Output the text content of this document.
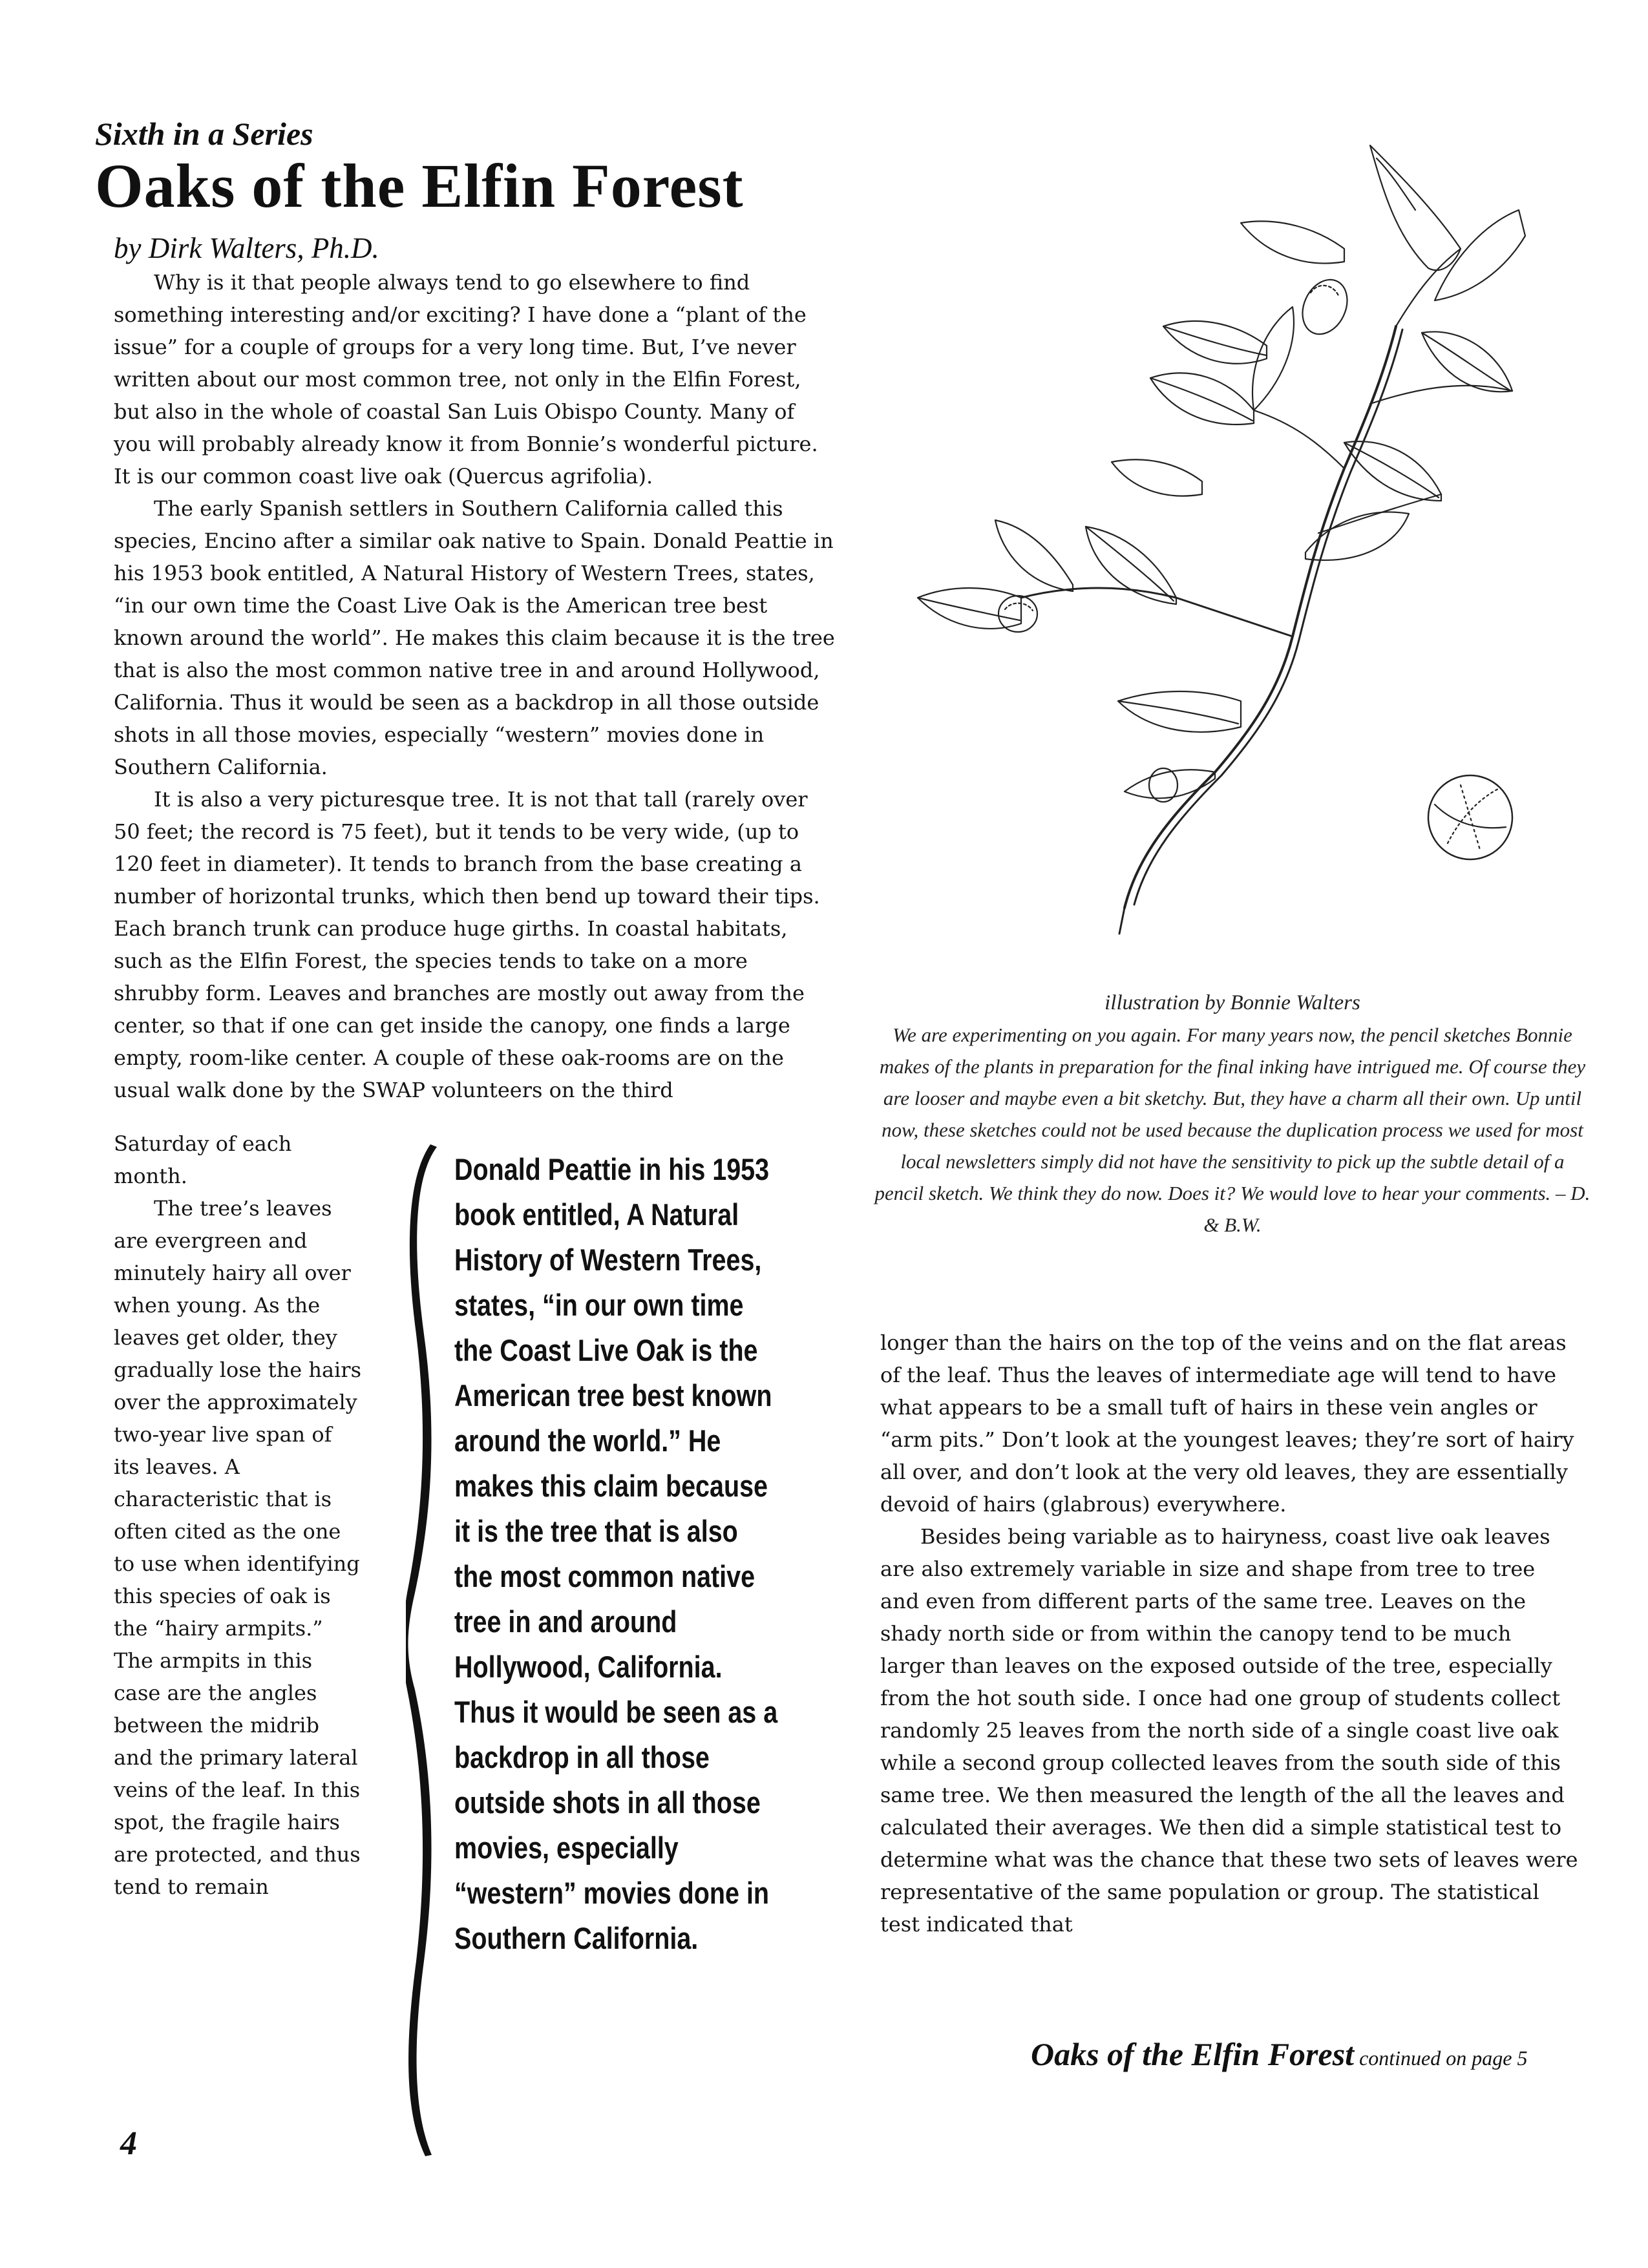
Sixth in a Series
Oaks of the Elfin Forest
by Dirk Walters, Ph.D.

Why is it that people always tend to go elsewhere to find something interesting and/or exciting? I have done a “plant of the issue” for a couple of groups for a very long time. But, I’ve never written about our most common tree, not only in the Elfin Forest, but also in the whole of coastal San Luis Obispo County. Many of you will probably already know it from Bonnie’s wonderful picture. It is our common coast live oak (Quercus agrifolia).

The early Spanish settlers in Southern California called this species, Encino after a similar oak native to Spain. Donald Peattie in his 1953 book entitled, A Natural History of Western Trees, states, “in our own time the Coast Live Oak is the American tree best known around the world”. He makes this claim because it is the tree that is also the most common native tree in and around Hollywood, California. Thus it would be seen as a backdrop in all those outside shots in all those movies, especially “western” movies done in Southern California.

It is also a very picturesque tree. It is not that tall (rarely over 50 feet; the record is 75 feet), but it tends to be very wide, (up to 120 feet in diameter). It tends to branch from the base creating a number of horizontal trunks, which then bend up toward their tips. Each branch trunk can produce huge girths. In coastal habitats, such as the Elfin Forest, the species tends to take on a more shrubby form. Leaves and branches are mostly out away from the center, so that if one can get inside the canopy, one finds a large empty, room-like center. A couple of these oak-rooms are on the usual walk done by the SWAP volunteers on the third

Saturday of each month.

The tree’s leaves are evergreen and minutely hairy all over when young. As the leaves get older, they gradually lose the hairs over the approximately two-year live span of its leaves. A characteristic that is often cited as the one to use when identifying this species of oak is the “hairy armpits.” The armpits in this case are the angles between the midrib and the primary lateral veins of the leaf. In this spot, the fragile hairs are protected, and thus tend to remain

Donald Peattie in his 1953 book entitled, A Natural History of Western Trees, states, “in our own time the Coast Live Oak is the American tree best known around the world.” He makes this claim because it is the tree that is also the most common native tree in and around Hollywood, California. Thus it would be seen as a backdrop in all those outside shots in all those movies, especially “western” movies done in Southern California.
illustration by Bonnie Walters
We are experimenting on you again. For many years now, the pencil sketches Bonnie makes of the plants in preparation for the final inking have intrigued me. Of course they are looser and maybe even a bit sketchy. But, they have a charm all their own. Up until now, these sketches could not be used because the duplication process we used for most local newsletters simply did not have the sensitivity to pick up the subtle detail of a pencil sketch. We think they do now. Does it? We would love to hear your comments. – D. & B.W.

longer than the hairs on the top of the veins and on the flat areas of the leaf. Thus the leaves of intermediate age will tend to have what appears to be a small tuft of hairs in these vein angles or “arm pits.” Don’t look at the youngest leaves; they’re sort of hairy all over, and don’t look at the very old leaves, they are essentially devoid of hairs (glabrous) everywhere.

Besides being variable as to hairyness, coast live oak leaves are also extremely variable in size and shape from tree to tree and even from different parts of the same tree. Leaves on the shady north side or from within the canopy tend to be much larger than leaves on the exposed outside of the tree, especially from the hot south side. I once had one group of students collect randomly 25 leaves from the north side of a single coast live oak while a second group collected leaves from the south side of this same tree. We then measured the length of the all the leaves and calculated their averages. We then did a simple statistical test to determine what was the chance that these two sets of leaves were representative of the same population or group. The statistical test indicated that

Oaks of the Elfin Forest continued on page 5
4
